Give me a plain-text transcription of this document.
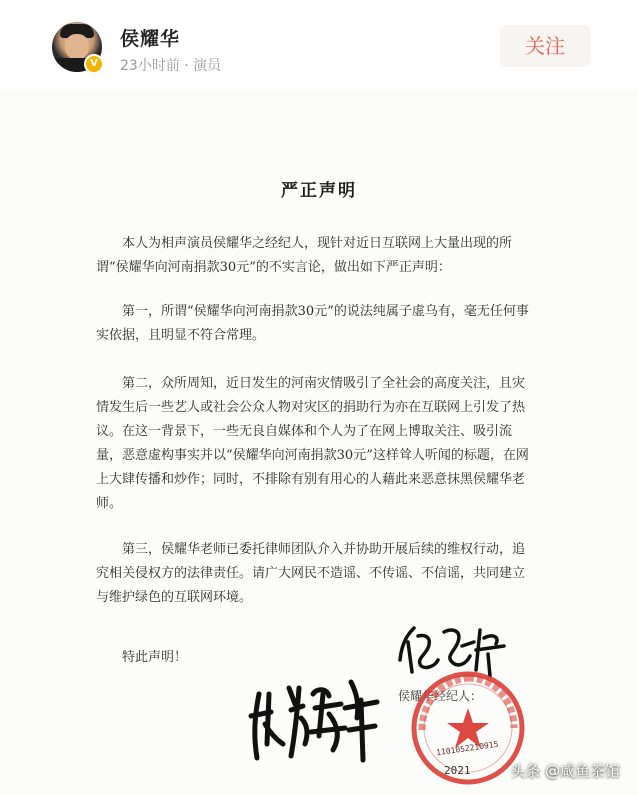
V
侯耀华
23小时前 · 演员
关注
严正声明
本人为相声演员侯耀华之经纪人，现针对近日互联网上大量出现的所谓“侯耀华向河南捐款30元”的不实言论，做出如下严正声明：
第一，所谓“侯耀华向河南捐款30元”的说法纯属子虚乌有，毫无任何事实依据，且明显不符合常理。
第二，众所周知，近日发生的河南灾情吸引了全社会的高度关注，且灾情发生后一些艺人或社会公众人物对灾区的捐助行为亦在互联网上引发了热议。在这一背景下，一些无良自媒体和个人为了在网上博取关注、吸引流量，恶意虚构事实并以“侯耀华向河南捐款30元”这样耸人听闻的标题，在网上大肆传播和炒作；同时，不排除有别有用心的人藉此来恶意抹黑侯耀华老师。
第三，侯耀华老师已委托律师团队介入并协助开展后续的维权行动，追究相关侵权方的法律责任。请广大网民不造谣、不传谣、不信谣，共同建立与维护绿色的互联网环境。
特此声明！
侯耀华经纪人：
1101052210915
2021	头条 @咸鱼茶馆
